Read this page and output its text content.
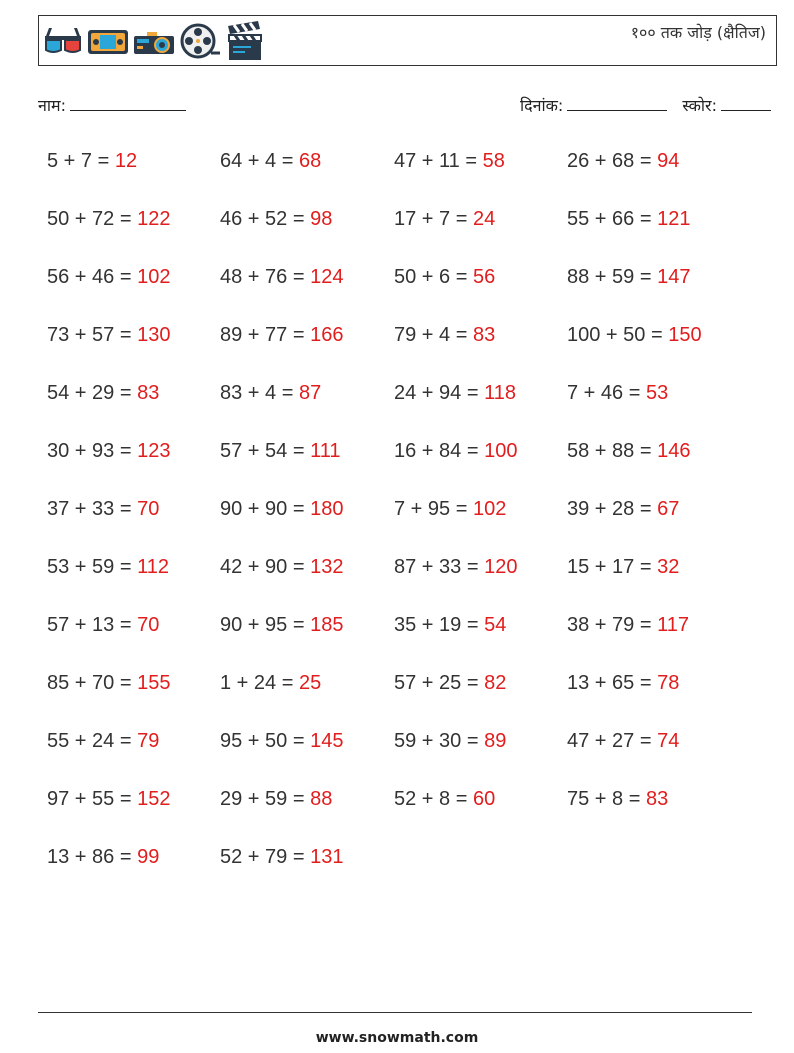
१०० तक जोड़ (क्षैतिज)
नाम:	दिनांक:	स्कोर:
5 + 7 = 12	64 + 4 = 68	47 + 11 = 58	26 + 68 = 94
50 + 72 = 122	46 + 52 = 98	17 + 7 = 24	55 + 66 = 121
56 + 46 = 102	48 + 76 = 124	50 + 6 = 56	88 + 59 = 147
73 + 57 = 130	89 + 77 = 166	79 + 4 = 83	100 + 50 = 150
54 + 29 = 83	83 + 4 = 87	24 + 94 = 118	7 + 46 = 53
30 + 93 = 123	57 + 54 = 111	16 + 84 = 100	58 + 88 = 146
37 + 33 = 70	90 + 90 = 180	7 + 95 = 102	39 + 28 = 67
53 + 59 = 112	42 + 90 = 132	87 + 33 = 120	15 + 17 = 32
57 + 13 = 70	90 + 95 = 185	35 + 19 = 54	38 + 79 = 117
85 + 70 = 155	1 + 24 = 25	57 + 25 = 82	13 + 65 = 78
55 + 24 = 79	95 + 50 = 145	59 + 30 = 89	47 + 27 = 74
97 + 55 = 152	29 + 59 = 88	52 + 8 = 60	75 + 8 = 83
13 + 86 = 99	52 + 79 = 131
www.snowmath.com
